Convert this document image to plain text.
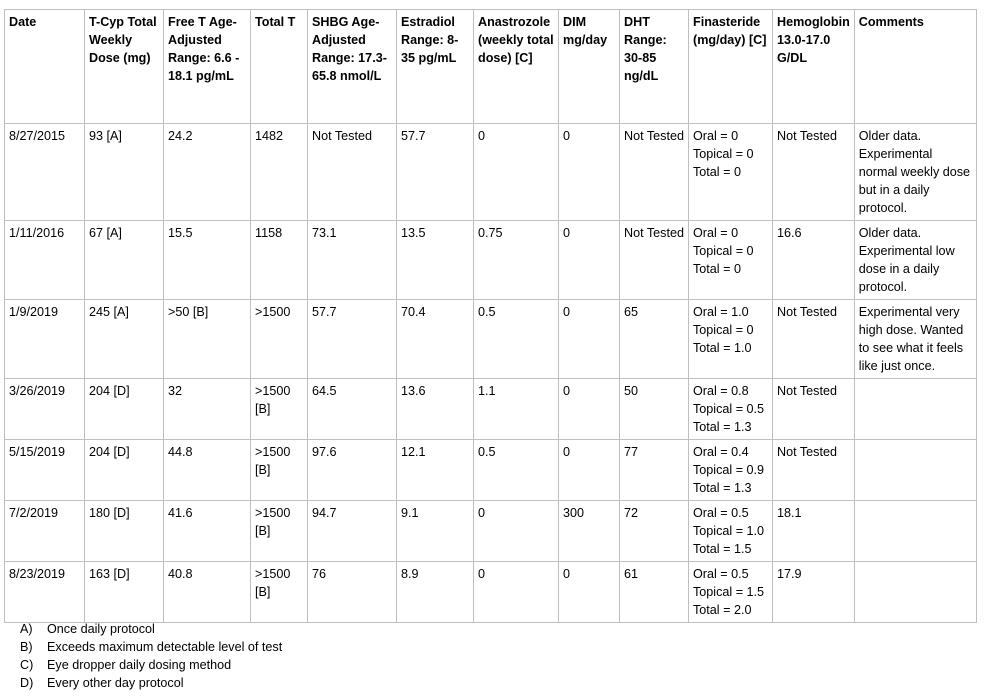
Date	T-Cyp Total Weekly Dose (mg)	Free T Age-Adjusted Range: 6.6 - 18.1 pg/mL	Total T	SHBG Age-Adjusted Range: 17.3-65.8 nmol/L	Estradiol Range: 8-35 pg/mL	Anastrozole (weekly total dose) [C]	DIM mg/day	DHT Range: 30-85 ng/dL	Finasteride (mg/day) [C]	Hemoglobin 13.0-17.0 G/DL	Comments
8/27/2015	93 [A]	24.2	1482	Not Tested	57.7	0	0	Not Tested	Oral = 0
Topical = 0
Total = 0	Not Tested	Older data. Experimental normal weekly dose but in a daily protocol.
1/11/2016	67 [A]	15.5	1158	73.1	13.5	0.75	0	Not Tested	Oral = 0
Topical = 0
Total = 0	16.6	Older data. Experimental low dose in a daily protocol.
1/9/2019	245 [A]	>50 [B]	>1500	57.7	70.4	0.5	0	65	Oral = 1.0
Topical = 0
Total = 1.0	Not Tested	Experimental very high dose. Wanted to see what it feels like just once.
3/26/2019	204 [D]	32	>1500 [B]	64.5	13.6	1.1	0	50	Oral = 0.8
Topical = 0.5
Total = 1.3	Not Tested	
5/15/2019	204 [D]	44.8	>1500 [B]	97.6	12.1	0.5	0	77	Oral = 0.4
Topical = 0.9
Total = 1.3	Not Tested	
7/2/2019	180 [D]	41.6	>1500 [B]	94.7	9.1	0	300	72	Oral = 0.5
Topical = 1.0
Total = 1.5	18.1	
8/23/2019	163 [D]	40.8	>1500 [B]	76	8.9	0	0	61	Oral = 0.5
Topical = 1.5
Total = 2.0	17.9	
A)	Once daily protocol
B)	Exceeds maximum detectable level of test
C)	Eye dropper daily dosing method
D)	Every other day protocol
